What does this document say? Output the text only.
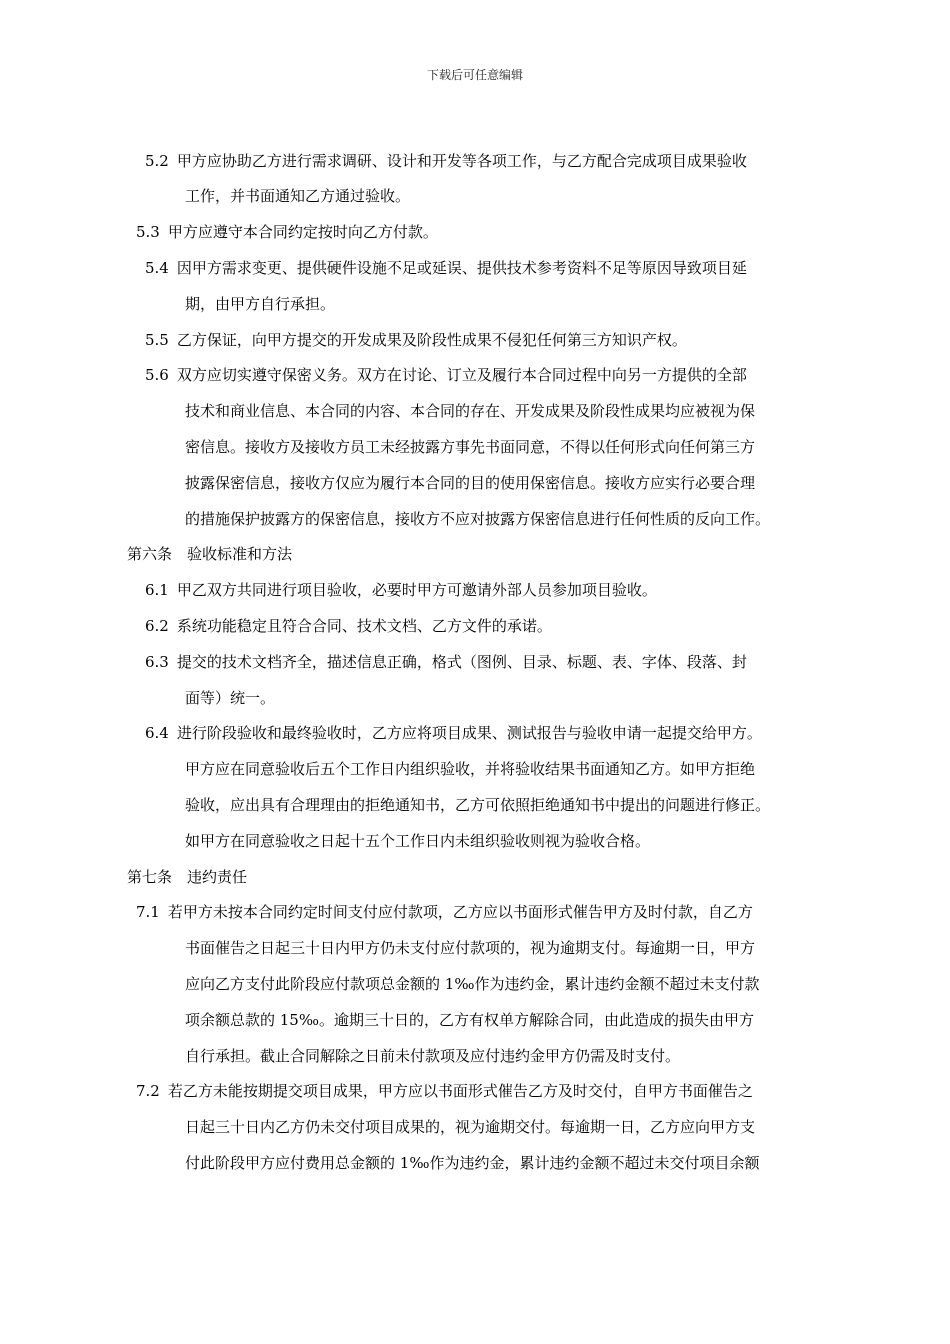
下载后可任意编辑
5.2 甲方应协助乙方进行需求调研、设计和开发等各项工作，与乙方配合完成项目成果验收
工作，并书面通知乙方通过验收。
5.3 甲方应遵守本合同约定按时向乙方付款。
5.4 因甲方需求变更、提供硬件设施不足或延误、提供技术参考资料不足等原因导致项目延
期，由甲方自行承担。
5.5 乙方保证，向甲方提交的开发成果及阶段性成果不侵犯任何第三方知识产权。
5.6 双方应切实遵守保密义务。双方在讨论、订立及履行本合同过程中向另一方提供的全部
技术和商业信息、本合同的内容、本合同的存在、开发成果及阶段性成果均应被视为保
密信息。接收方及接收方员工未经披露方事先书面同意，不得以任何形式向任何第三方
披露保密信息，接收方仅应为履行本合同的目的使用保密信息。接收方应实行必要合理
的措施保护披露方的保密信息，接收方不应对披露方保密信息进行任何性质的反向工作。
第六条　验收标准和方法
6.1 甲乙双方共同进行项目验收，必要时甲方可邀请外部人员参加项目验收。
6.2 系统功能稳定且符合合同、技术文档、乙方文件的承诺。
6.3 提交的技术文档齐全，描述信息正确，格式（图例、目录、标题、表、字体、段落、封
面等）统一。
6.4 进行阶段验收和最终验收时，乙方应将项目成果、测试报告与验收申请一起提交给甲方。
甲方应在同意验收后五个工作日内组织验收，并将验收结果书面通知乙方。如甲方拒绝
验收，应出具有合理理由的拒绝通知书，乙方可依照拒绝通知书中提出的问题进行修正。
如甲方在同意验收之日起十五个工作日内未组织验收则视为验收合格。
第七条　违约责任
7.1 若甲方未按本合同约定时间支付应付款项，乙方应以书面形式催告甲方及时付款，自乙方
书面催告之日起三十日内甲方仍未支付应付款项的，视为逾期支付。每逾期一日，甲方
应向乙方支付此阶段应付款项总金额的 1‰作为违约金，累计违约金额不超过未支付款
项余额总款的 15‰。逾期三十日的，乙方有权单方解除合同，由此造成的损失由甲方
自行承担。截止合同解除之日前未付款项及应付违约金甲方仍需及时支付。
7.2 若乙方未能按期提交项目成果，甲方应以书面形式催告乙方及时交付，自甲方书面催告之
日起三十日内乙方仍未交付项目成果的，视为逾期交付。每逾期一日，乙方应向甲方支
付此阶段甲方应付费用总金额的 1‰作为违约金，累计违约金额不超过未交付项目余额
